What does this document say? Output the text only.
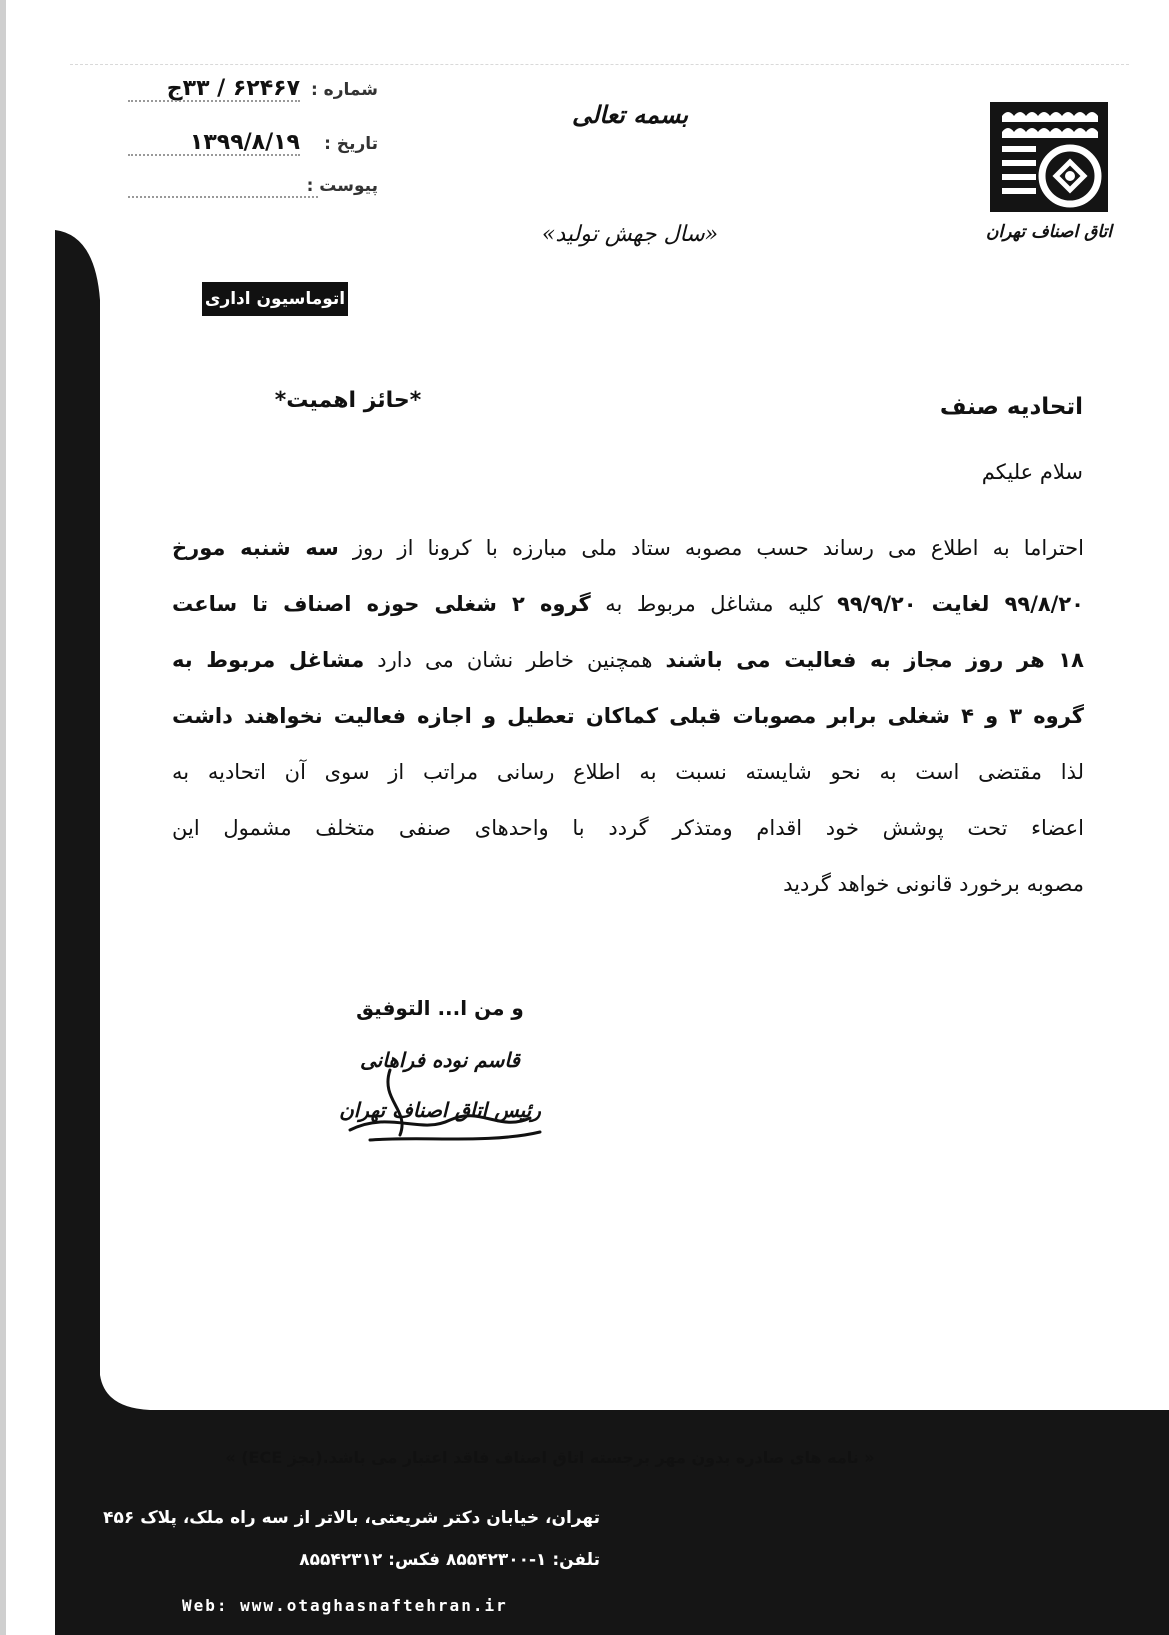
شماره :
۶۲۴۶۷ / ۳۳ج
تاریخ :
۱۳۹۹/۸/۱۹
پیوست :
بسمه تعالی
«سال جهش تولید»	اتاق اصناف تهران
اتوماسیون اداری
*حائز اهمیت*	اتحادیه صنف
سلام علیکم

احتراما به اطلاع می رساند حسب مصوبه ستاد ملی مبارزه با کرونا از روز سه شنبه مورخ

۹۹/۸/۲۰ لغایت ۹۹/۹/۲۰ کلیه مشاغل مربوط به گروه ۲ شغلی حوزه اصناف تا ساعت

۱۸ هر روز مجاز به فعالیت می باشند همچنین خاطر نشان می دارد مشاغل مربوط به

گروه ۳ و ۴ شغلی برابر مصوبات قبلی کماکان تعطیل و اجازه فعالیت نخواهند داشت

لذا مقتضی است به نحو شایسته نسبت به اطلاع رسانی مراتب از سوی آن اتحادیه به

اعضاء تحت پوشش خود اقدام ومتذکر گردد با واحدهای صنفی متخلف مشمول این

مصوبه برخورد قانونی خواهد گردید

و من ا... التوفیق
قاسم نوده فراهانی
رئیس اتاق اصناف تهران
« نامه های صادره بدون مهر برجسته اتاق اصناف فاقد اعتبار می باشد.(بجز ECE) »
تهران، خیابان دکتر شریعتی، بالاتر از سه راه ملک، پلاک ۴۵۶
تلفن: ۱-۸۵۵۴۲۳۰۰ فکس: ۸۵۵۴۲۳۱۲
Web: www.otaghasnaftehran.ir
